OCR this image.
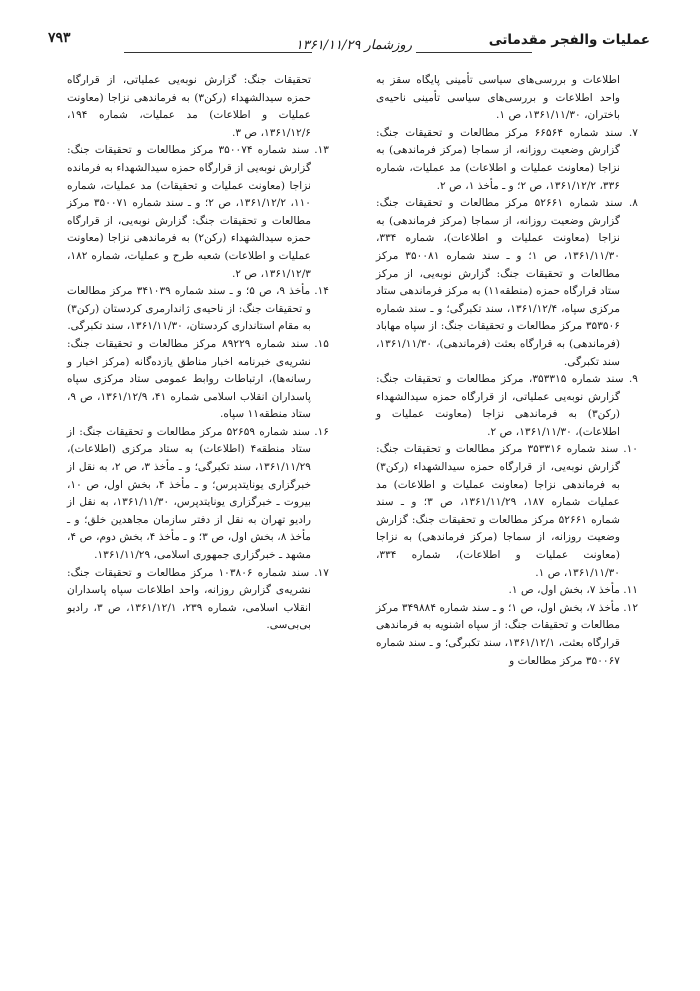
عملیات والفجر مقدماتی
روزشمار ۱۳۶۱/۱۱/۲۹
۷۹۳

اطلاعات و بررسی‌های سیاسی تأمینی پایگاه سقز به واحد اطلاعات و بررسی‌های سیاسی تأمینی ناحیه‌ی باختران، ۱۳۶۱/۱۱/۳۰، ص ۱.

۷. سند شماره ۶۶۵۶۴ مرکز مطالعات و تحقیقات جنگ: گزارش وضعیت روزانه، از سماجا (مرکز فرماندهی) به نزاجا (معاونت عملیات و اطلاعات) مد عملیات، شماره ۳۳۶، ۱۳۶۱/۱۲/۲، ص ۲؛ و ـ مأخذ ۱، ص ۲.

۸. سند شماره ۵۲۶۶۱ مرکز مطالعات و تحقیقات جنگ: گزارش وضعیت روزانه، از سماجا (مرکز فرماندهی) به نزاجا (معاونت عملیات و اطلاعات)، شماره ۳۳۴، ۱۳۶۱/۱۱/۳۰، ص ۱؛ و ـ سند شماره ۳۵۰۰۸۱ مرکز مطالعات و تحقیقات جنگ: گزارش نوبه‌یی، از مرکز ستاد قرارگاه حمزه (منطقه۱۱) به مرکز فرماندهی ستاد مرکزی سپاه، ۱۳۶۱/۱۲/۴، سند تکبرگی؛ و ـ سند شماره ۳۵۳۵۰۶ مرکز مطالعات و تحقیقات جنگ: از سپاه مهاباد (فرماندهی) به قرارگاه بعثت (فرماندهی)، ۱۳۶۱/۱۱/۳۰، سند تکبرگی.

۹. سند شماره ۳۵۳۳۱۵، مرکز مطالعات و تحقیقات جنگ: گزارش نوبه‌یی عملیاتی، از قرارگاه حمزه سیدالشهداء (رکن۳) به فرماندهی نزاجا (معاونت عملیات و اطلاعات)، ۱۳۶۱/۱۱/۳۰، ص ۲.

۱۰. سند شماره ۳۵۳۳۱۶ مرکز مطالعات و تحقیقات جنگ: گزارش نوبه‌یی، از قرارگاه حمزه سیدالشهداء (رکن۳) به فرماندهی نزاجا (معاونت عملیات و اطلاعات) مد عملیات شماره ۱۸۷، ۱۳۶۱/۱۱/۲۹، ص ۳؛ و ـ سند شماره ۵۲۶۶۱ مرکز مطالعات و تحقیقات جنگ: گزارش وضعیت روزانه، از سماجا (مرکز فرماندهی) به نزاجا (معاونت عملیات و اطلاعات)، شماره ۳۳۴، ۱۳۶۱/۱۱/۳۰، ص ۱.

۱۱. مأخذ ۷، بخش اول، ص ۱.

۱۲. مأخذ ۷، بخش اول، ص ۱؛ و ـ سند شماره ۳۴۹۸۸۴ مرکز مطالعات و تحقیقات جنگ: از سپاه اشنویه به فرماندهی قرارگاه بعثت، ۱۳۶۱/۱۲/۱، سند تکبرگی؛ و ـ سند شماره ۳۵۰۰۶۷ مرکز مطالعات و

تحقیقات جنگ: گزارش نوبه‌یی عملیاتی، از قرارگاه حمزه سیدالشهداء (رکن۳) به فرماندهی نزاجا (معاونت عملیات و اطلاعات) مد عملیات، شماره ۱۹۴، ۱۳۶۱/۱۲/۶، ص ۳.

۱۳. سند شماره ۳۵۰۰۷۴ مرکز مطالعات و تحقیقات جنگ: گزارش نوبه‌یی از قرارگاه حمزه سیدالشهداء به فرمانده نزاجا (معاونت عملیات و تحقیقات) مد عملیات، شماره ۱۱۰، ۱۳۶۱/۱۲/۲، ص ۲؛ و ـ سند شماره ۳۵۰۰۷۱ مرکز مطالعات و تحقیقات جنگ: گزارش نوبه‌یی، از قرارگاه حمزه سیدالشهداء (رکن۲) به فرماندهی نزاجا (معاونت عملیات و اطلاعات) شعبه طرح و عملیات، شماره ۱۸۲، ۱۳۶۱/۱۲/۳، ص ۲.

۱۴. مأخذ ۹، ص ۵؛ و ـ سند شماره ۳۴۱۰۳۹ مرکز مطالعات و تحقیقات جنگ: از ناحیه‌ی ژاندارمری کردستان (رکن۳) به مقام استانداری کردستان، ۱۳۶۱/۱۱/۳۰، سند تکبرگی.

۱۵. سند شماره ۸۹۲۲۹ مرکز مطالعات و تحقیقات جنگ: نشریه‌ی خبرنامه اخبار مناطق یازده‌گانه (مرکز اخبار و رسانه‌ها)، ارتباطات روابط عمومی ستاد مرکزی سپاه پاسداران انقلاب اسلامی شماره ۴۱، ۱۳۶۱/۱۲/۹، ص ۹، ستاد منطقه۱۱ سپاه.

۱۶. سند شماره ۵۲۶۵۹ مرکز مطالعات و تحقیقات جنگ: از ستاد منطقه۴ (اطلاعات) به ستاد مرکزی (اطلاعات)، ۱۳۶۱/۱۱/۲۹، سند تکبرگی؛ و ـ مأخذ ۳، ص ۲، به نقل از خبرگزاری یونایتدپرس؛ و ـ مأخذ ۴، بخش اول، ص ۱۰، بیروت ـ خبرگزاری یونایتدپرس، ۱۳۶۱/۱۱/۳۰، به نقل از رادیو تهران به نقل از دفتر سازمان مجاهدین خلق؛ و ـ مأخذ ۸، بخش اول، ص ۳؛ و ـ مأخذ ۴، بخش دوم، ص ۴، مشهد ـ خبرگزاری جمهوری اسلامی، ۱۳۶۱/۱۱/۲۹.

۱۷. سند شماره ۱۰۳۸۰۶ مرکز مطالعات و تحقیقات جنگ: نشریه‌ی گزارش روزانه، واحد اطلاعات سپاه پاسداران انقلاب اسلامی، شماره ۲۳۹، ۱۳۶۱/۱۲/۱، ص ۳، رادیو بی‌بی‌سی.
